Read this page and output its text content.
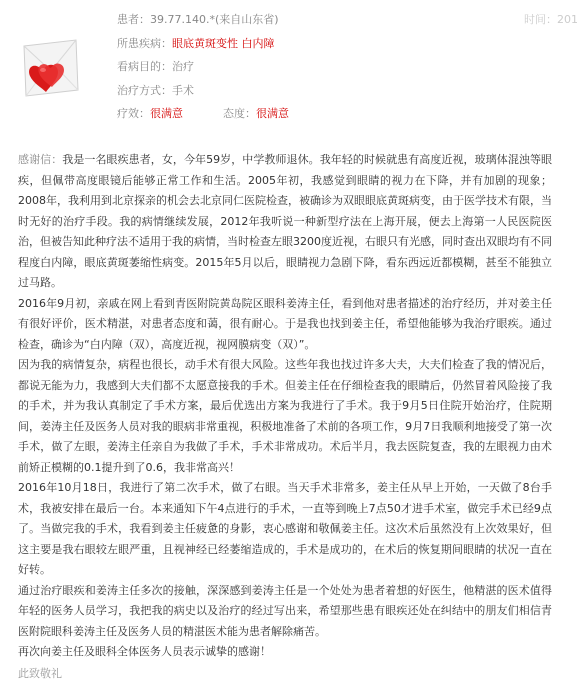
患者：39.77.140.*(来自山东省)
所患疾病：眼底黄斑变性 白内障
看病目的：治疗
治疗方式：手术
疗效：很满意	态度：很满意
时间：201

感谢信：我是一名眼疾患者，女，今年59岁，中学教师退休。我年轻的时候就患有高度近视，玻璃体混浊等眼疾，但佩带高度眼镜后能够正常工作和生活。2005年初，我感觉到眼睛的视力在下降，并有加剧的现象；2008年，我利用到北京探亲的机会去北京同仁医院检查，被确诊为双眼眼底黄斑病变，由于医学技术有限，当时无好的治疗手段。我的病情继续发展，2012年我听说一种新型疗法在上海开展，便去上海第一人民医院医治，但被告知此种疗法不适用于我的病情，当时检查左眼3200度近视，右眼只有光感，同时查出双眼均有不同程度白内障，眼底黄斑萎缩性病变。2015年5月以后，眼睛视力急剧下降，看东西远近都模糊，甚至不能独立过马路。

2016年9月初，亲戚在网上看到青医附院黄岛院区眼科姜涛主任，看到他对患者描述的治疗经历，并对姜主任有很好评价，医术精湛，对患者态度和蔼，很有耐心。于是我也找到姜主任，希望他能够为我治疗眼疾。通过检查，确诊为“白内障（双），高度近视，视网膜病变（双）”。

因为我的病情复杂，病程也很长，动手术有很大风险。这些年我也找过许多大夫，大夫们检查了我的情况后，都说无能为力，我感到大夫们都不太愿意接我的手术。但姜主任在仔细检查我的眼睛后，仍然冒着风险接了我的手术，并为我认真制定了手术方案，最后优选出方案为我进行了手术。我于9月5日住院开始治疗，住院期间，姜涛主任及医务人员对我的眼病非常重视，积极地准备了术前的各项工作，9月7日我顺利地接受了第一次手术，做了左眼，姜涛主任亲自为我做了手术，手术非常成功。术后半月，我去医院复查，我的左眼视力由术前矫正模糊的0.1提升到了0.6，我非常高兴！

2016年10月18日，我进行了第二次手术，做了右眼。当天手术非常多，姜主任从早上开始，一天做了8台手术，我被安排在最后一台。本来通知下午4点进行的手术，一直等到晚上7点50才进手术室，做完手术已经9点了。当做完我的手术，我看到姜主任疲惫的身影，衷心感谢和敬佩姜主任。这次术后虽然没有上次效果好，但这主要是我右眼较左眼严重，且视神经已经萎缩造成的，手术是成功的，在术后的恢复期间眼睛的状况一直在好转。

通过治疗眼疾和姜涛主任多次的接触，深深感到姜涛主任是一个处处为患者着想的好医生，他精湛的医术值得年轻的医务人员学习，我把我的病史以及治疗的经过写出来，希望那些患有眼疾还处在纠结中的朋友们相信青医附院眼科姜涛主任及医务人员的精湛医术能为患者解除痛苦。

再次向姜主任及眼科全体医务人员表示诚挚的感谢！

此致敬礼
